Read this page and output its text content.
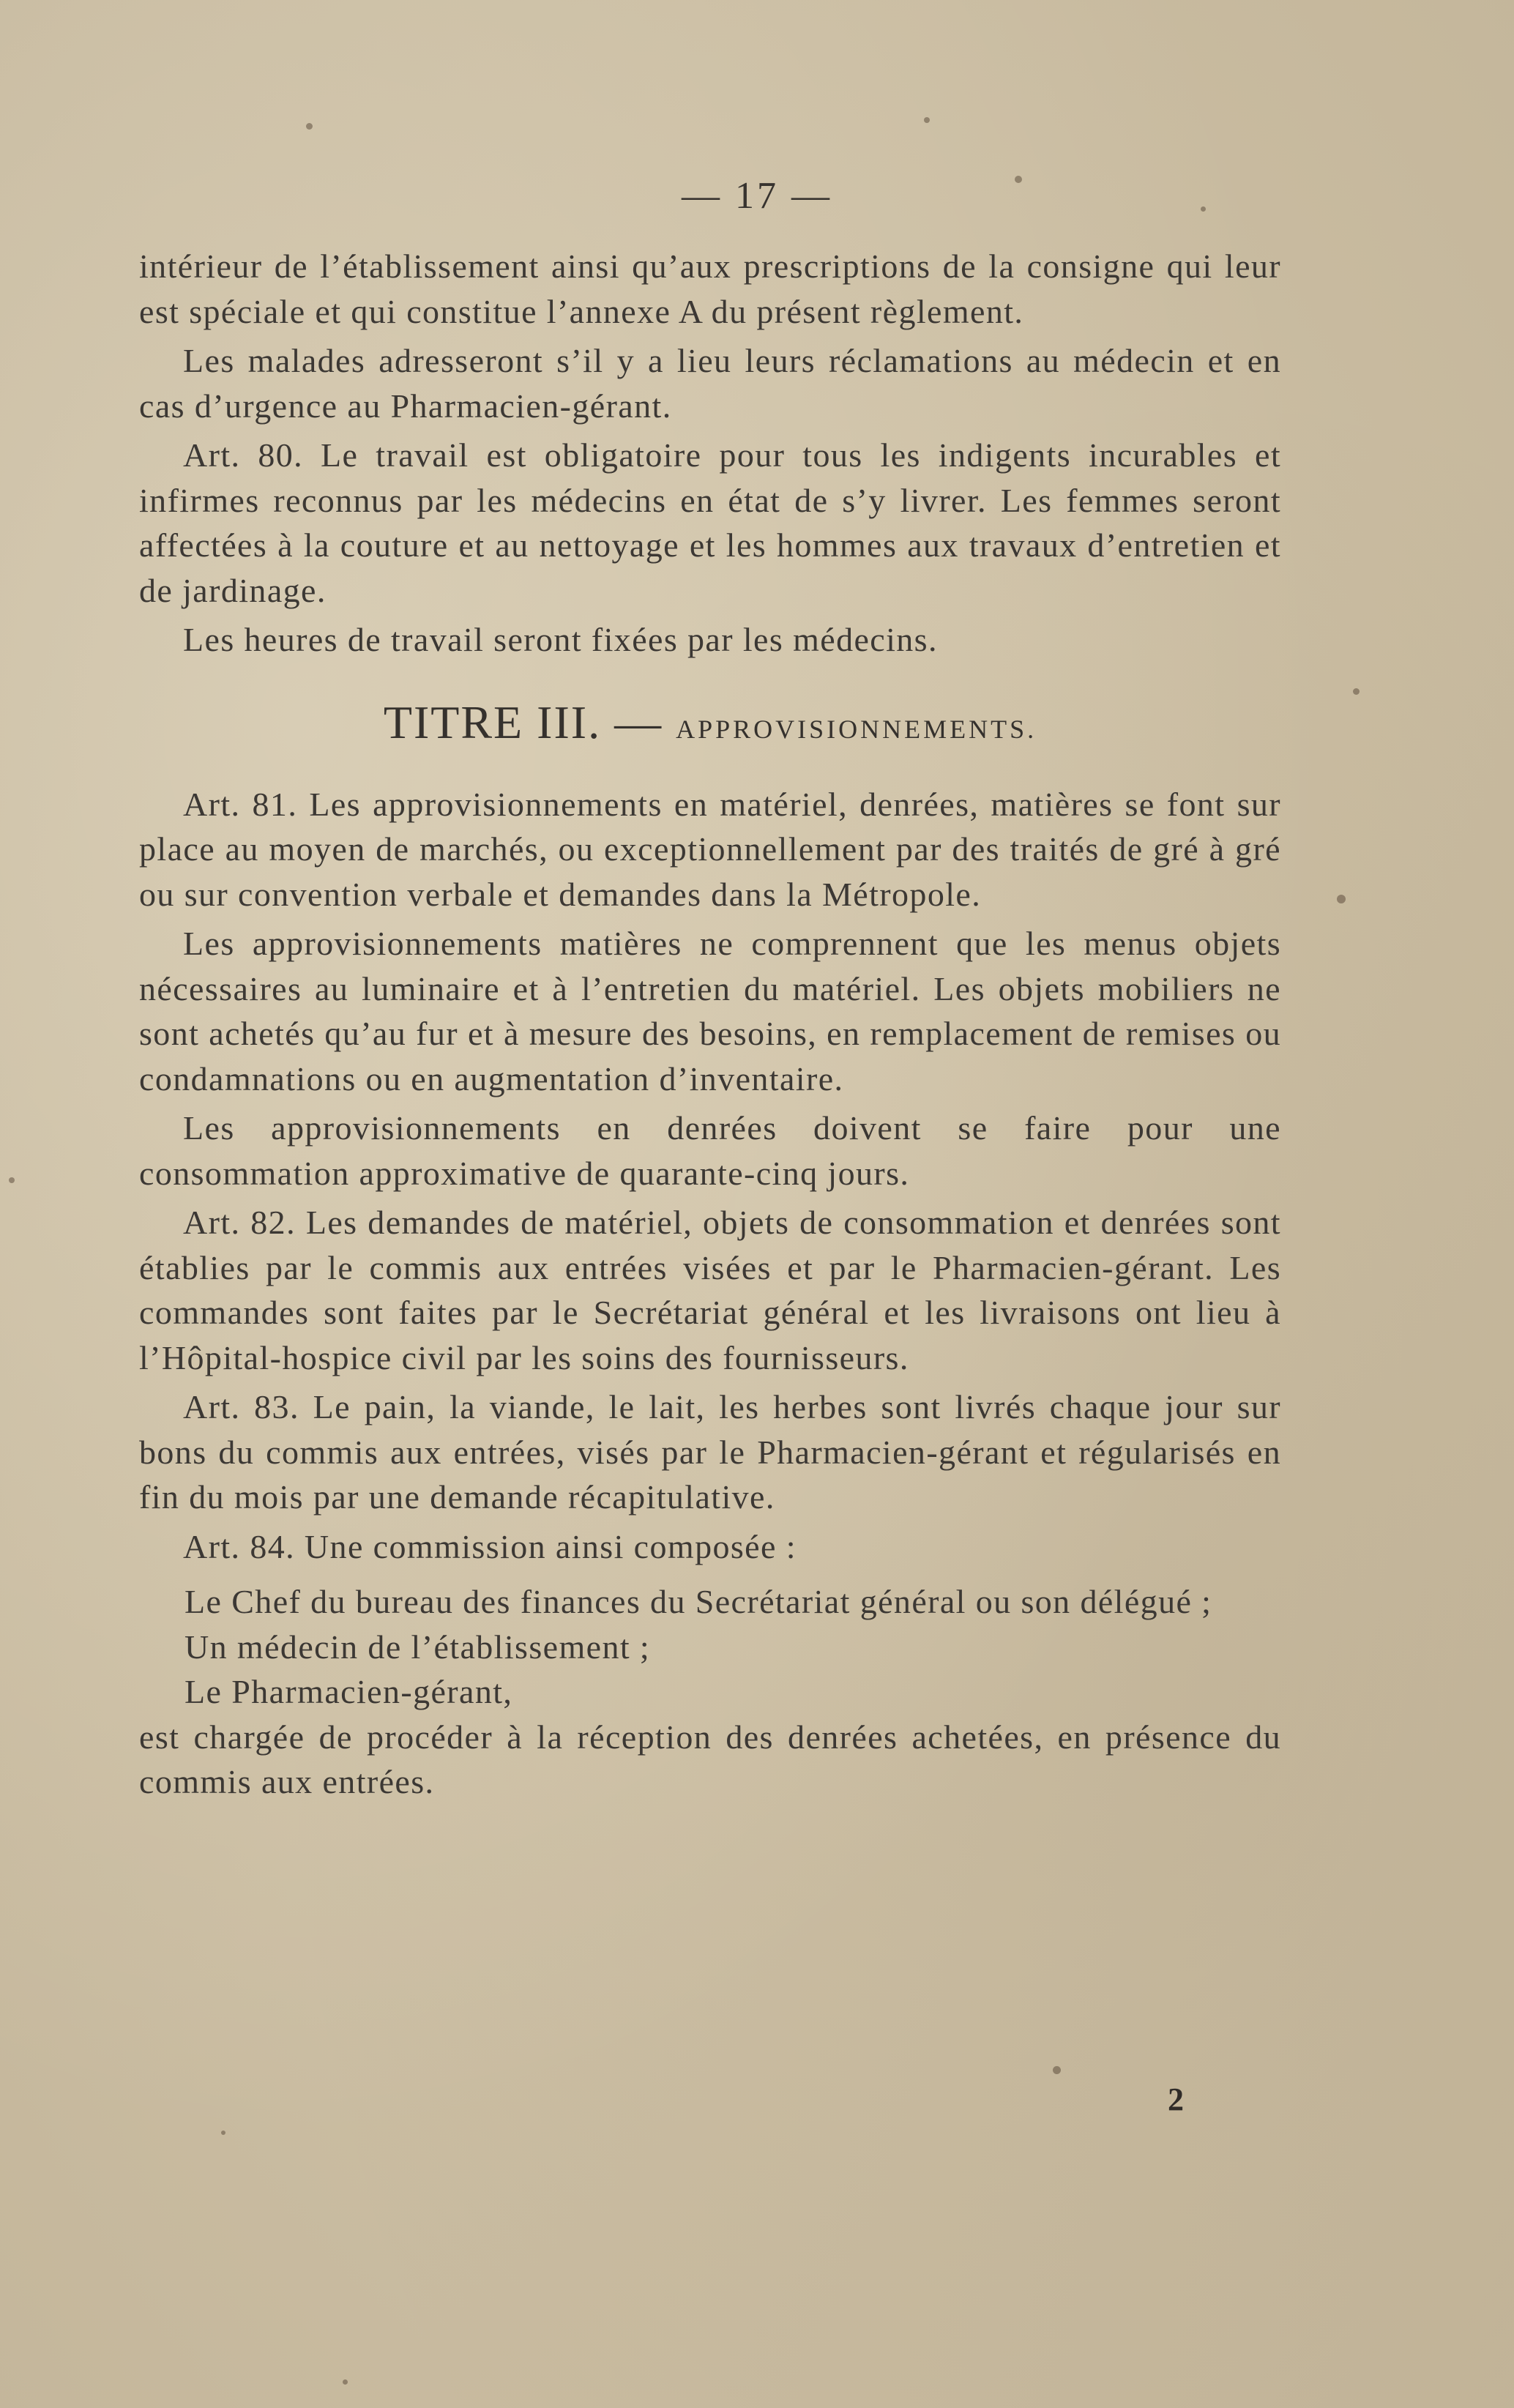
— 17 —

intérieur de l’établissement ainsi qu’aux prescriptions de la consigne qui leur est spéciale et qui constitue l’annexe A du présent règlement.

Les malades adresseront s’il y a lieu leurs réclamations au médecin et en cas d’urgence au Pharmacien-gérant.

Art. 80. Le travail est obligatoire pour tous les indigents incurables et infirmes reconnus par les médecins en état de s’y livrer. Les femmes seront affectées à la couture et au nettoyage et les hommes aux travaux d’entretien et de jardinage.

Les heures de travail seront fixées par les médecins.

TITRE III. — APPROVISIONNEMENTS.

Art. 81. Les approvisionnements en matériel, denrées, matières se font sur place au moyen de marchés, ou exceptionnellement par des traités de gré à gré ou sur convention verbale et demandes dans la Métropole.

Les approvisionnements matières ne comprennent que les menus objets nécessaires au luminaire et à l’entretien du matériel. Les objets mobiliers ne sont achetés qu’au fur et à mesure des besoins, en remplacement de remises ou condamnations ou en augmentation d’inventaire.

Les approvisionnements en denrées doivent se faire pour une consommation approximative de quarante-cinq jours.

Art. 82. Les demandes de matériel, objets de consommation et denrées sont établies par le commis aux entrées visées et par le Pharmacien-gérant. Les commandes sont faites par le Secrétariat général et les livraisons ont lieu à l’Hôpital-hospice civil par les soins des fournisseurs.

Art. 83. Le pain, la viande, le lait, les herbes sont livrés chaque jour sur bons du commis aux entrées, visés par le Pharmacien-gérant et régularisés en fin du mois par une demande récapitulative.

Art. 84. Une commission ainsi composée :

Le Chef du bureau des finances du Secrétariat général ou son délégué ;

Un médecin de l’établissement ;

Le Pharmacien-gérant,

est chargée de procéder à la réception des denrées achetées, en présence du commis aux entrées.

2
